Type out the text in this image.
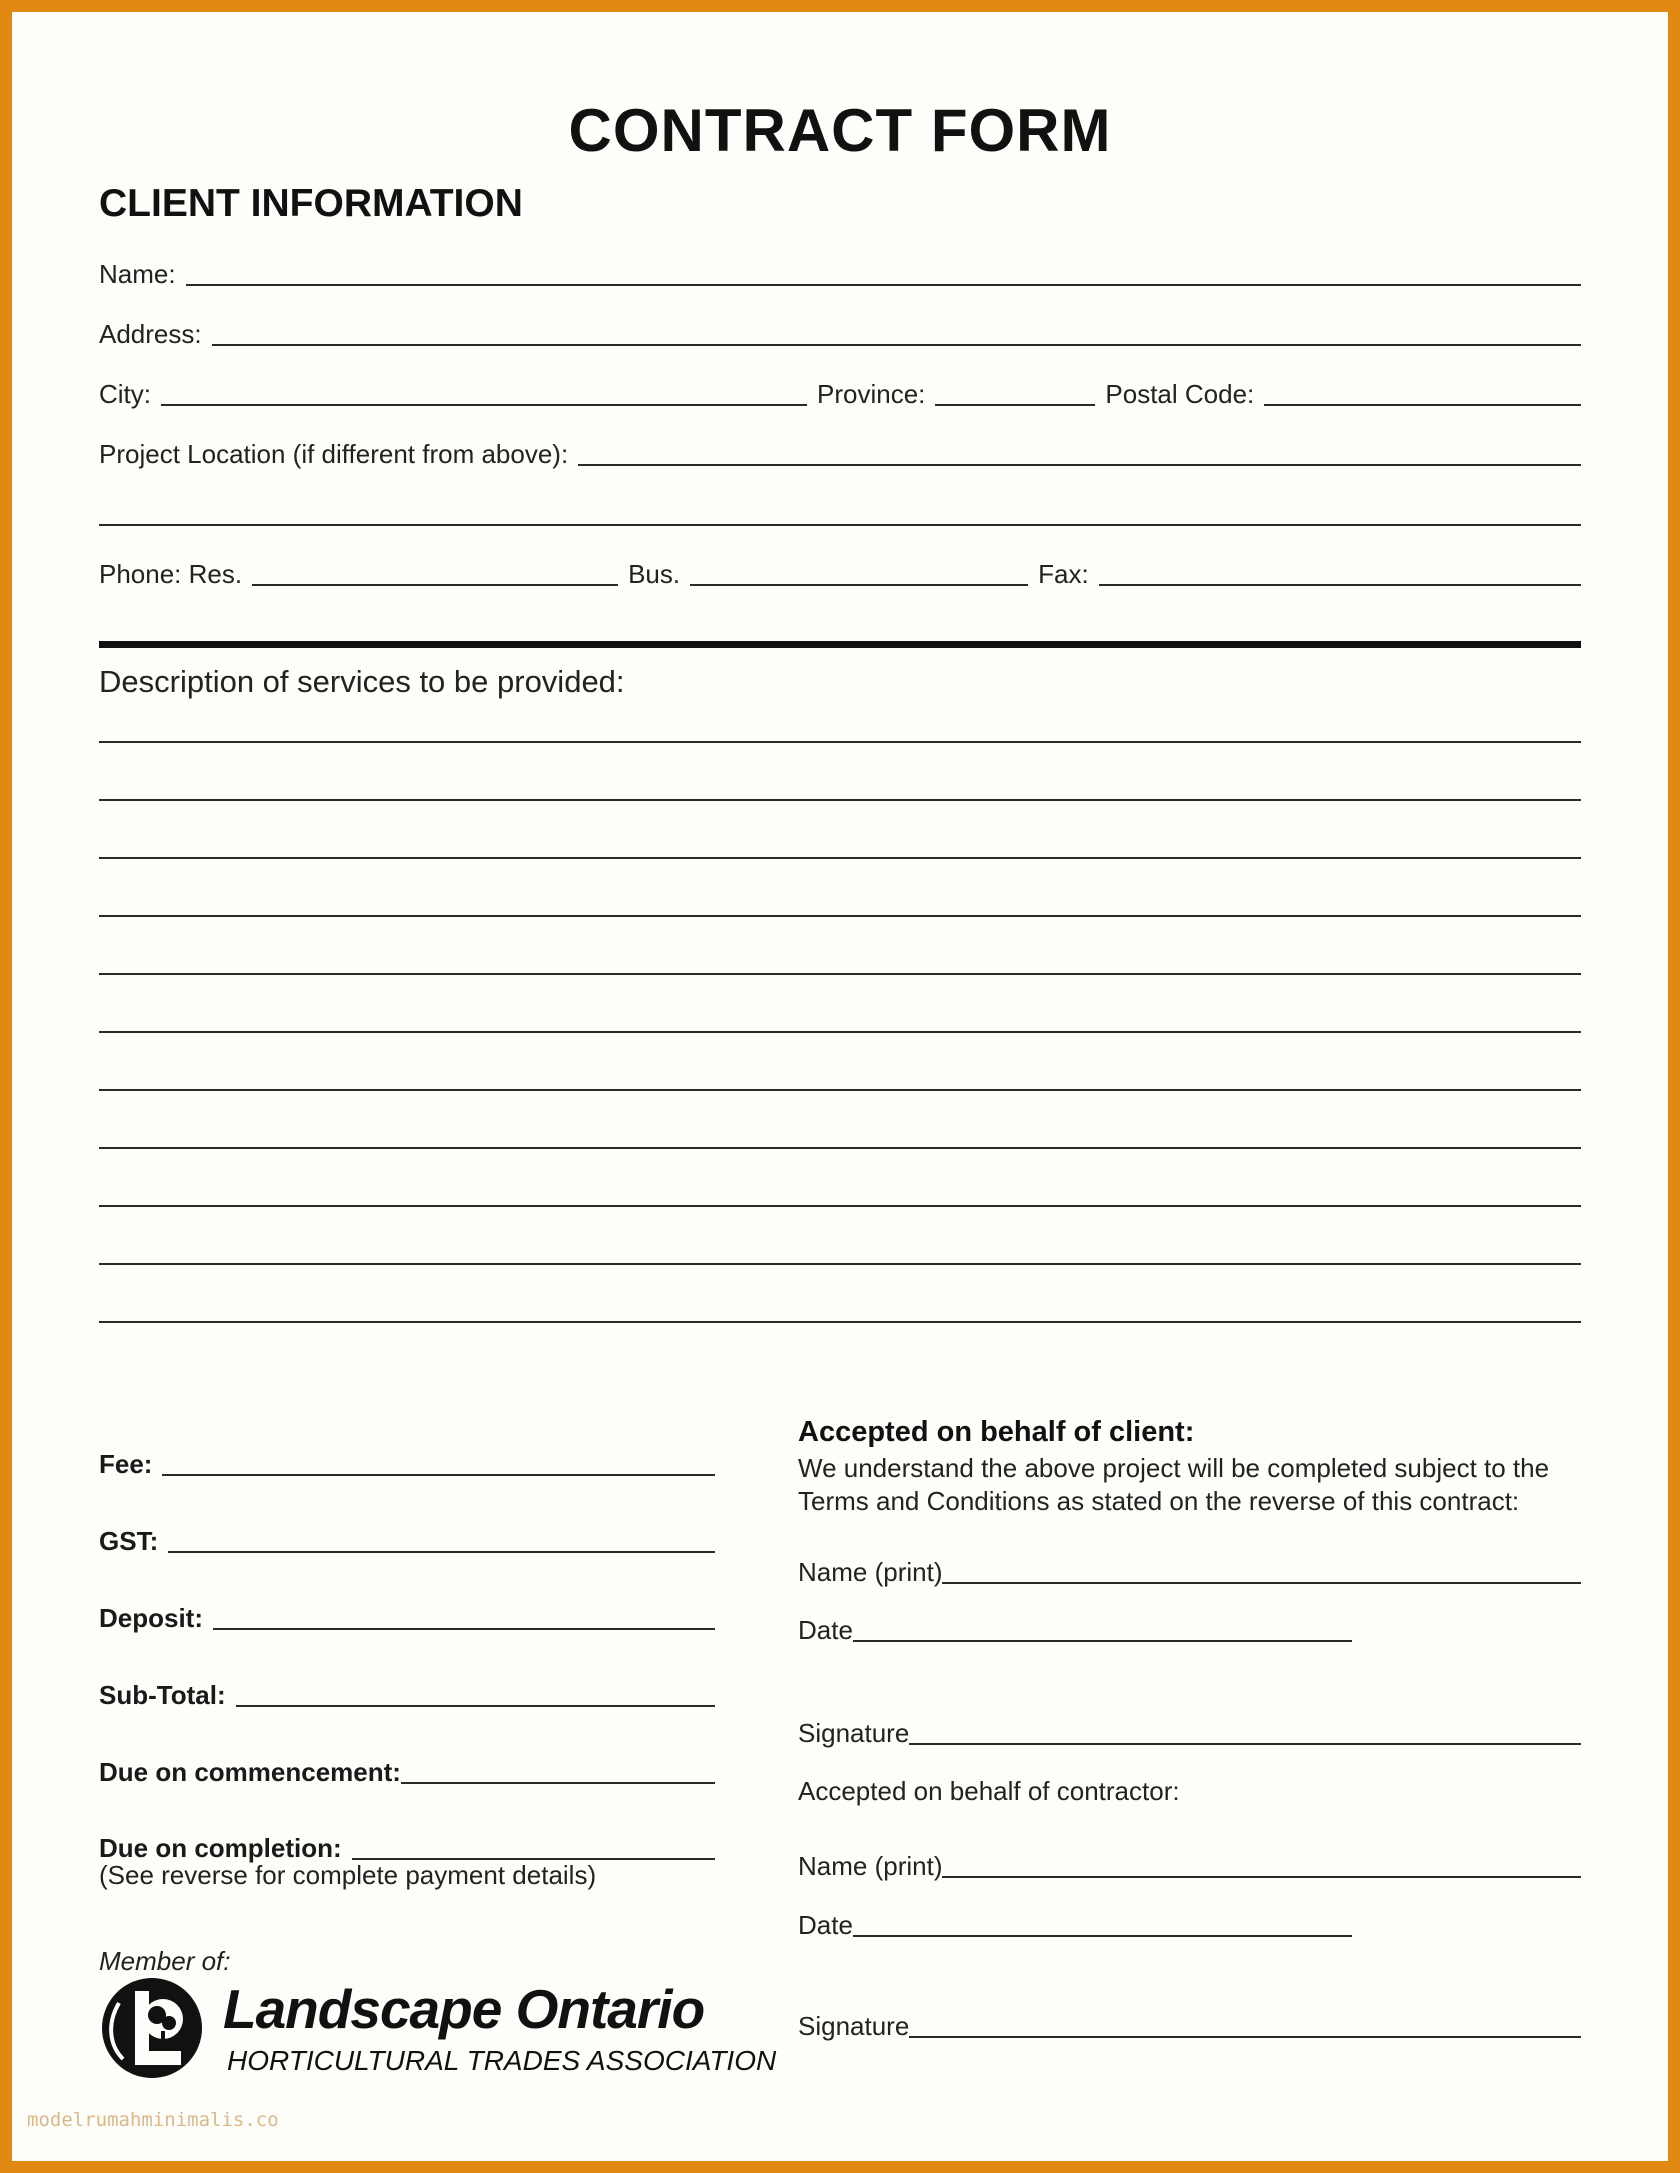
CONTRACT FORM
CLIENT INFORMATION
Name:
Address:
City:	Province:	Postal Code:
Project Location (if different from above):
Phone: Res.	Bus.	Fax:
Description of services to be provided:
Fee:
GST:
Deposit:
Sub-Total:
Due on commencement:
Due on completion:
(See reverse for complete payment details)
Member of:
Landscape Ontario
HORTICULTURAL TRADES ASSOCIATION
Accepted on behalf of client:
We understand the above project will be completed subject to the Terms and Conditions as stated on the reverse of this contract:
Name (print)
Date
Signature
Accepted on behalf of contractor:
Name (print)
Date
Signature
modelrumahminimalis.co
